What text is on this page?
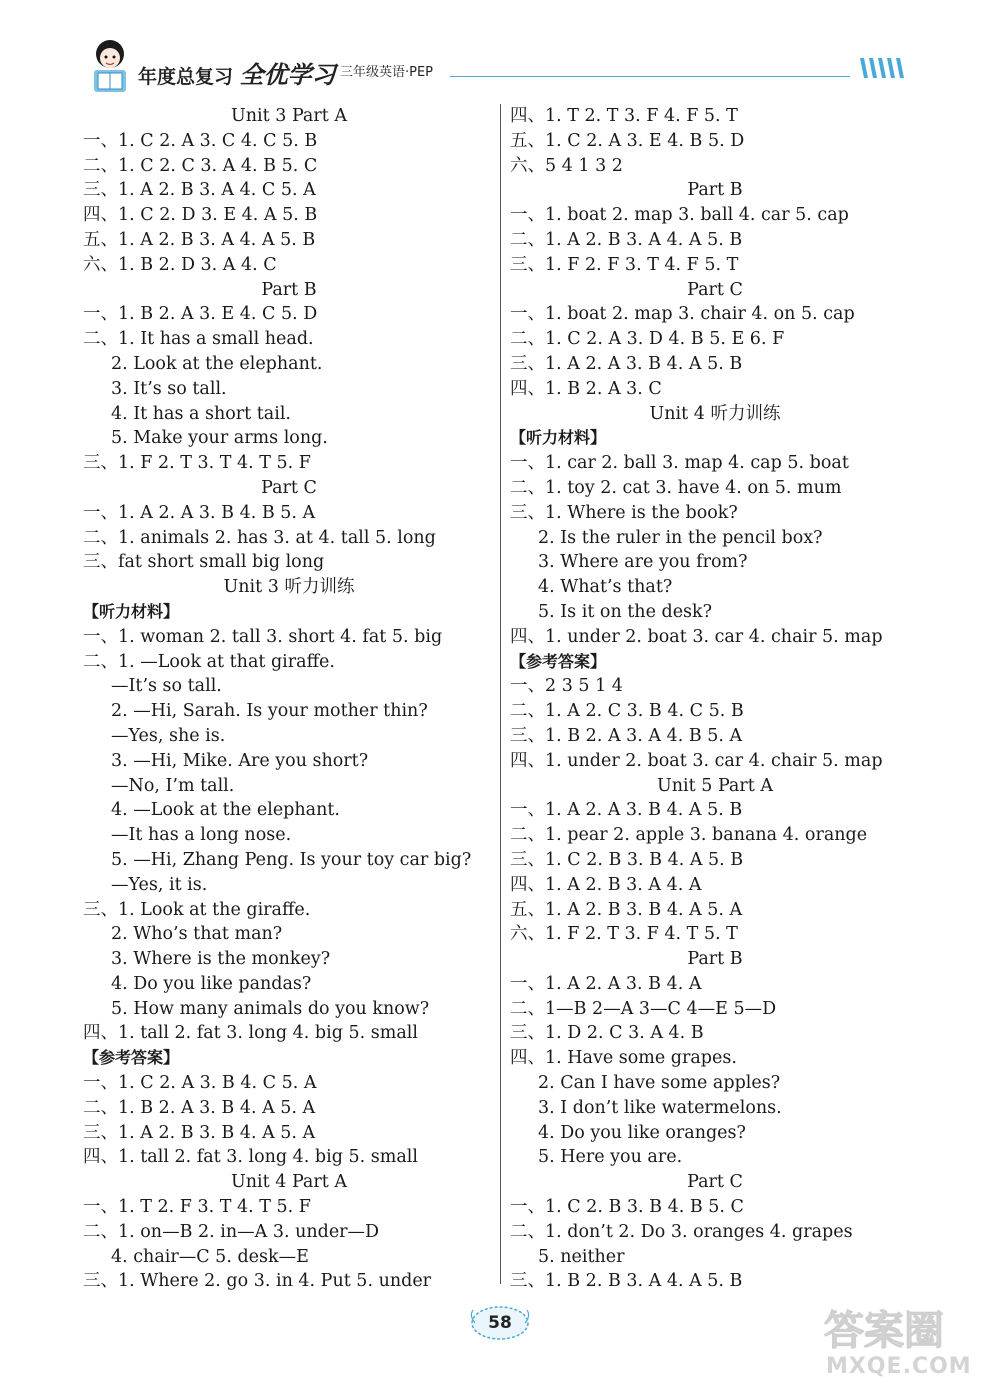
年度总复习 全优学习 三年级英语·PEP
Unit 3 Part A
一、1. C 2. A 3. C 4. C 5. B
二、1. C 2. C 3. A 4. B 5. C
三、1. A 2. B 3. A 4. C 5. A
四、1. C 2. D 3. E 4. A 5. B
五、1. A 2. B 3. A 4. A 5. B
六、1. B 2. D 3. A 4. C
Part B
一、1. B 2. A 3. E 4. C 5. D
二、1. It has a small head.
2. Look at the elephant.
3. It’s so tall.
4. It has a short tail.
5. Make your arms long.
三、1. F 2. T 3. T 4. T 5. F
Part C
一、1. A 2. A 3. B 4. B 5. A
二、1. animals 2. has 3. at 4. tall 5. long
三、fat short small big long
Unit 3 听力训练
【听力材料】
一、1. woman 2. tall 3. short 4. fat 5. big
二、1. —Look at that giraffe.
—It’s so tall.
2. —Hi, Sarah. Is your mother thin?
—Yes, she is.
3. —Hi, Mike. Are you short?
—No, I’m tall.
4. —Look at the elephant.
—It has a long nose.
5. —Hi, Zhang Peng. Is your toy car big?
—Yes, it is.
三、1. Look at the giraffe.
2. Who’s that man?
3. Where is the monkey?
4. Do you like pandas?
5. How many animals do you know?
四、1. tall 2. fat 3. long 4. big 5. small
【参考答案】
一、1. C 2. A 3. B 4. C 5. A
二、1. B 2. A 3. B 4. A 5. A
三、1. A 2. B 3. B 4. A 5. A
四、1. tall 2. fat 3. long 4. big 5. small
Unit 4 Part A
一、1. T 2. F 3. T 4. T 5. F
二、1. on—B 2. in—A 3. under—D
4. chair—C 5. desk—E
三、1. Where 2. go 3. in 4. Put 5. under
四、1. T 2. T 3. F 4. F 5. T
五、1. C 2. A 3. E 4. B 5. D
六、5 4 1 3 2
Part B
一、1. boat 2. map 3. ball 4. car 5. cap
二、1. A 2. B 3. A 4. A 5. B
三、1. F 2. F 3. T 4. F 5. T
Part C
一、1. boat 2. map 3. chair 4. on 5. cap
二、1. C 2. A 3. D 4. B 5. E 6. F
三、1. A 2. A 3. B 4. A 5. B
四、1. B 2. A 3. C
Unit 4 听力训练
【听力材料】
一、1. car 2. ball 3. map 4. cap 5. boat
二、1. toy 2. cat 3. have 4. on 5. mum
三、1. Where is the book?
2. Is the ruler in the pencil box?
3. Where are you from?
4. What’s that?
5. Is it on the desk?
四、1. under 2. boat 3. car 4. chair 5. map
【参考答案】
一、2 3 5 1 4
二、1. A 2. C 3. B 4. C 5. B
三、1. B 2. A 3. A 4. B 5. A
四、1. under 2. boat 3. car 4. chair 5. map
Unit 5 Part A
一、1. A 2. A 3. B 4. A 5. B
二、1. pear 2. apple 3. banana 4. orange
三、1. C 2. B 3. B 4. A 5. B
四、1. A 2. B 3. A 4. A
五、1. A 2. B 3. B 4. A 5. A
六、1. F 2. T 3. F 4. T 5. T
Part B
一、1. A 2. A 3. B 4. A
二、1—B 2—A 3—C 4—E 5—D
三、1. D 2. C 3. A 4. B
四、1. Have some grapes.
2. Can I have some apples?
3. I don’t like watermelons.
4. Do you like oranges?
5. Here you are.
Part C
一、1. C 2. B 3. B 4. B 5. C
二、1. don’t 2. Do 3. oranges 4. grapes
5. neither
三、1. B 2. B 3. A 4. A 5. B
58	答案圈
MXQE.COM
